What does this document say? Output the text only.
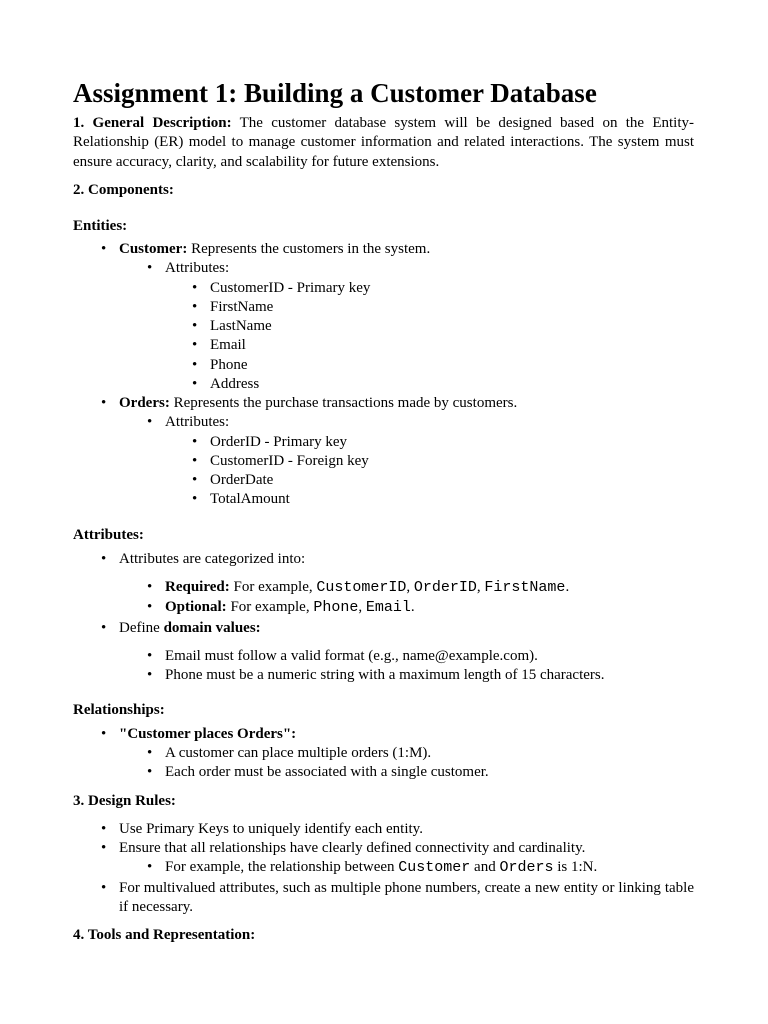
Assignment 1: Building a Customer Database

1. General Description: The customer database system will be designed based on the Entity-Relationship (ER) model to manage customer information and related interactions. The system must ensure accuracy, clarity, and scalability for future extensions.

2. Components:

Entities:

• Customer: Represents the customers in the system.

• Attributes:

• CustomerID - Primary key

• FirstName

• LastName

• Email

• Phone

• Address

• Orders: Represents the purchase transactions made by customers.

• Attributes:

• OrderID - Primary key

• CustomerID - Foreign key

• OrderDate

• TotalAmount

Attributes:

• Attributes are categorized into:

• Required: For example, CustomerID, OrderID, FirstName.

• Optional: For example, Phone, Email.

• Define domain values:

• Email must follow a valid format (e.g., name@example.com).

• Phone must be a numeric string with a maximum length of 15 characters.

Relationships:

• "Customer places Orders":

• A customer can place multiple orders (1:M).

• Each order must be associated with a single customer.

3. Design Rules:

• Use Primary Keys to uniquely identify each entity.

• Ensure that all relationships have clearly defined connectivity and cardinality.

• For example, the relationship between Customer and Orders is 1:N.

• For multivalued attributes, such as multiple phone numbers, create a new entity or linking table if necessary.

4. Tools and Representation:
